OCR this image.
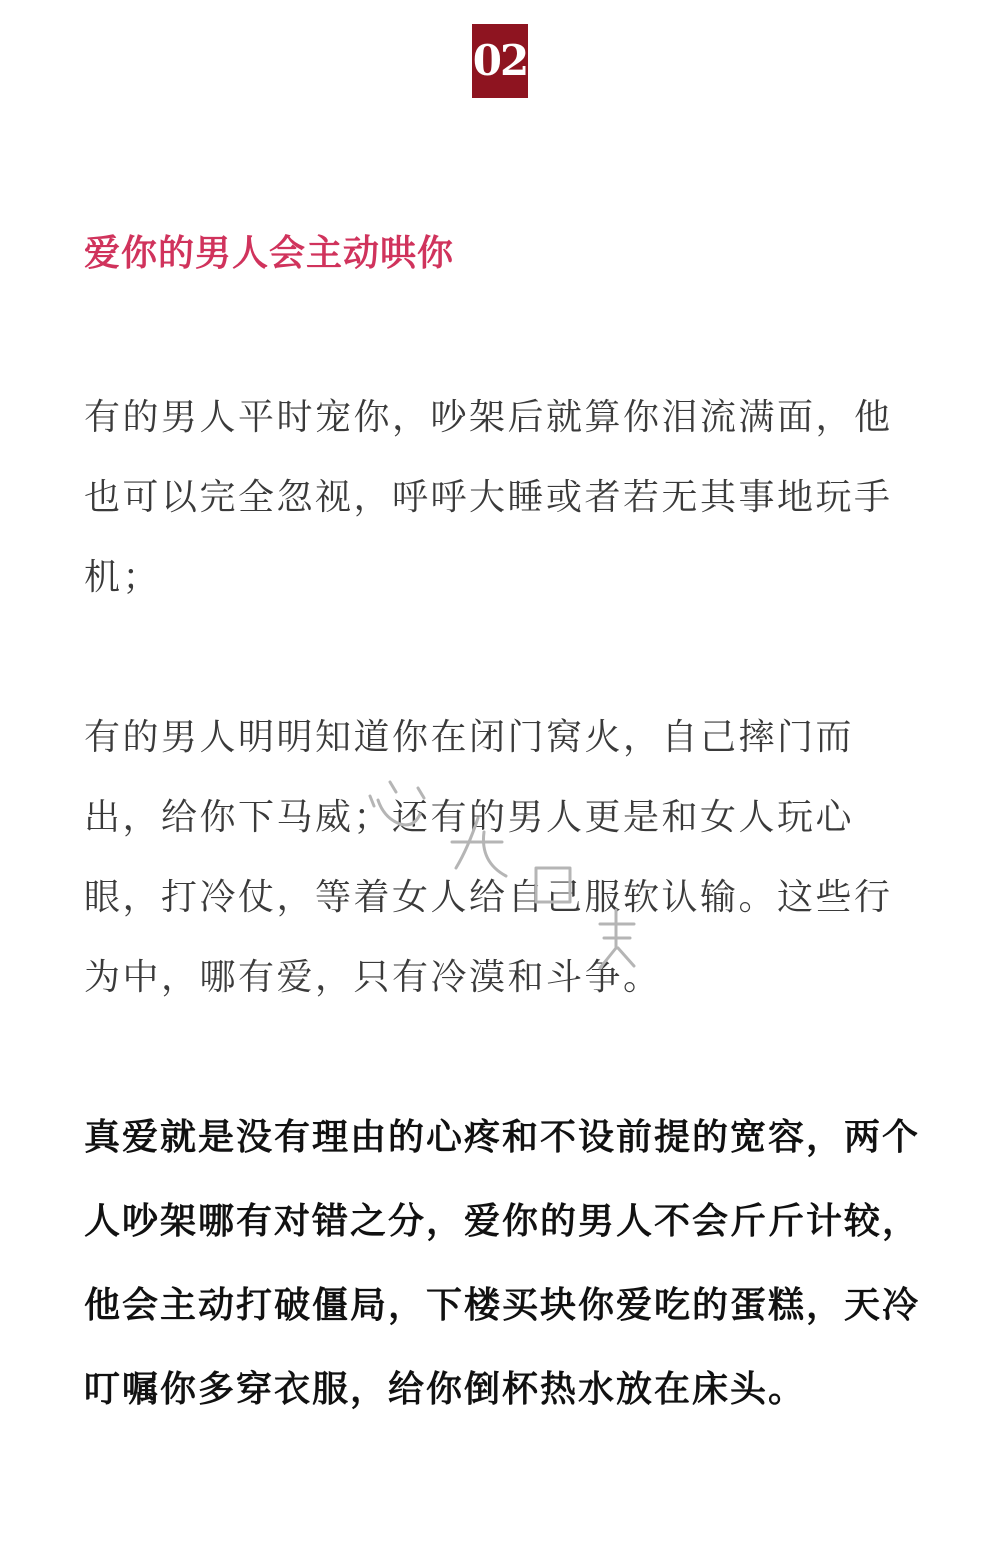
02
爱你的男人会主动哄你

有的男人平时宠你，吵架后就算你泪流满面，他也可以完全忽视，呼呼大睡或者若无其事地玩手机；

有的男人明明知道你在闭门窝火，自己摔门而出，给你下马威；还有的男人更是和女人玩心眼，打冷仗，等着女人给自己服软认输。这些行为中，哪有爱，只有冷漠和斗争。

真爱就是没有理由的心疼和不设前提的宽容，两个人吵架哪有对错之分，爱你的男人不会斤斤计较，他会主动打破僵局，下楼买块你爱吃的蛋糕，天冷叮嘱你多穿衣服，给你倒杯热水放在床头。
